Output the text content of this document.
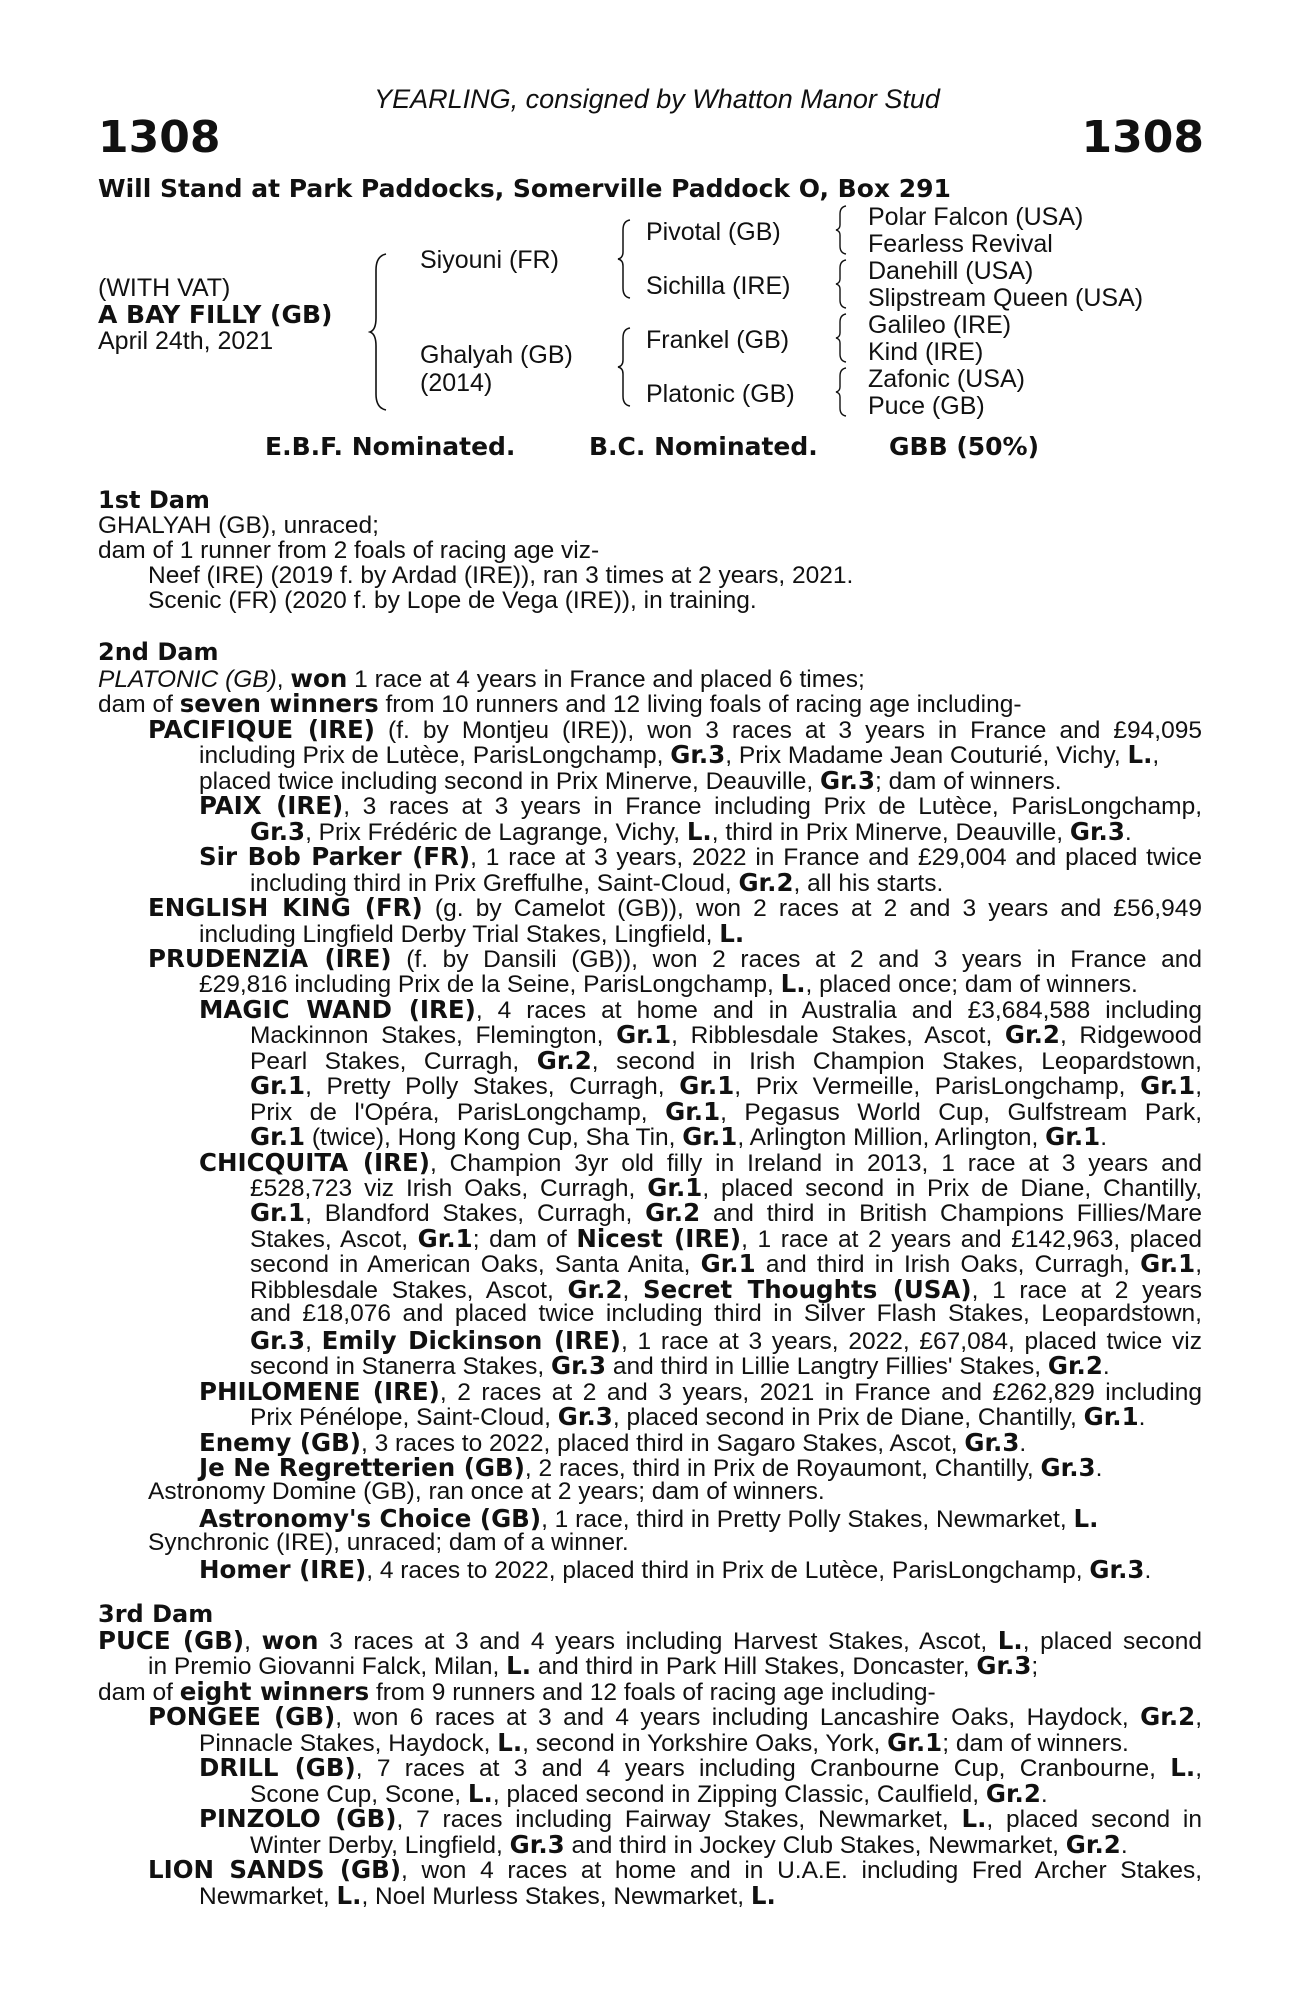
YEARLING, consigned by Whatton Manor Stud
1308	1308
Will Stand at Park Paddocks, Somerville Paddock O, Box 291
(WITH VAT)
A BAY FILLY (GB)
April 24th, 2021
Siyouni (FR)
Ghalyah (GB)
(2014)
Pivotal (GB)
Sichilla (IRE)
Frankel (GB)
Platonic (GB)
Polar Falcon (USA)
Fearless Revival
Danehill (USA)
Slipstream Queen (USA)
Galileo (IRE)
Kind (IRE)
Zafonic (USA)
Puce (GB)
E.B.F. Nominated.	B.C. Nominated.	GBB (50%)
1st Dam
GHALYAH (GB), unraced;
dam of 1 runner from 2 foals of racing age viz-
Neef (IRE) (2019 f. by Ardad (IRE)), ran 3 times at 2 years, 2021.
Scenic (FR) (2020 f. by Lope de Vega (IRE)), in training.
2nd Dam
PLATONIC (GB), won 1 race at 4 years in France and placed 6 times;
dam of seven winners from 10 runners and 12 living foals of racing age including-
PACIFIQUE (IRE) (f. by Montjeu (IRE)), won 3 races at 3 years in France and £94,095
including Prix de Lutèce, ParisLongchamp, Gr.3, Prix Madame Jean Couturié, Vichy, L.,
placed twice including second in Prix Minerve, Deauville, Gr.3; dam of winners.
PAIX (IRE), 3 races at 3 years in France including Prix de Lutèce, ParisLongchamp,
Gr.3, Prix Frédéric de Lagrange, Vichy, L., third in Prix Minerve, Deauville, Gr.3.
Sir Bob Parker (FR), 1 race at 3 years, 2022 in France and £29,004 and placed twice
including third in Prix Greffulhe, Saint-Cloud, Gr.2, all his starts.
ENGLISH KING (FR) (g. by Camelot (GB)), won 2 races at 2 and 3 years and £56,949
including Lingfield Derby Trial Stakes, Lingfield, L.
PRUDENZIA (IRE) (f. by Dansili (GB)), won 2 races at 2 and 3 years in France and
£29,816 including Prix de la Seine, ParisLongchamp, L., placed once; dam of winners.
MAGIC WAND (IRE), 4 races at home and in Australia and £3,684,588 including
Mackinnon Stakes, Flemington, Gr.1, Ribblesdale Stakes, Ascot, Gr.2, Ridgewood
Pearl Stakes, Curragh, Gr.2, second in Irish Champion Stakes, Leopardstown,
Gr.1, Pretty Polly Stakes, Curragh, Gr.1, Prix Vermeille, ParisLongchamp, Gr.1,
Prix de l'Opéra, ParisLongchamp, Gr.1, Pegasus World Cup, Gulfstream Park,
Gr.1 (twice), Hong Kong Cup, Sha Tin, Gr.1, Arlington Million, Arlington, Gr.1.
CHICQUITA (IRE), Champion 3yr old filly in Ireland in 2013, 1 race at 3 years and
£528,723 viz Irish Oaks, Curragh, Gr.1, placed second in Prix de Diane, Chantilly,
Gr.1, Blandford Stakes, Curragh, Gr.2 and third in British Champions Fillies/Mare
Stakes, Ascot, Gr.1; dam of Nicest (IRE), 1 race at 2 years and £142,963, placed
second in American Oaks, Santa Anita, Gr.1 and third in Irish Oaks, Curragh, Gr.1,
Ribblesdale Stakes, Ascot, Gr.2, Secret Thoughts (USA), 1 race at 2 years
and £18,076 and placed twice including third in Silver Flash Stakes, Leopardstown,
Gr.3, Emily Dickinson (IRE), 1 race at 3 years, 2022, £67,084, placed twice viz
second in Stanerra Stakes, Gr.3 and third in Lillie Langtry Fillies' Stakes, Gr.2.
PHILOMENE (IRE), 2 races at 2 and 3 years, 2021 in France and £262,829 including
Prix Pénélope, Saint-Cloud, Gr.3, placed second in Prix de Diane, Chantilly, Gr.1.
Enemy (GB), 3 races to 2022, placed third in Sagaro Stakes, Ascot, Gr.3.
Je Ne Regretterien (GB), 2 races, third in Prix de Royaumont, Chantilly, Gr.3.
Astronomy Domine (GB), ran once at 2 years; dam of winners.
Astronomy's Choice (GB), 1 race, third in Pretty Polly Stakes, Newmarket, L.
Synchronic (IRE), unraced; dam of a winner.
Homer (IRE), 4 races to 2022, placed third in Prix de Lutèce, ParisLongchamp, Gr.3.
3rd Dam
PUCE (GB), won 3 races at 3 and 4 years including Harvest Stakes, Ascot, L., placed second
in Premio Giovanni Falck, Milan, L. and third in Park Hill Stakes, Doncaster, Gr.3;
dam of eight winners from 9 runners and 12 foals of racing age including-
PONGEE (GB), won 6 races at 3 and 4 years including Lancashire Oaks, Haydock, Gr.2,
Pinnacle Stakes, Haydock, L., second in Yorkshire Oaks, York, Gr.1; dam of winners.
DRILL (GB), 7 races at 3 and 4 years including Cranbourne Cup, Cranbourne, L.,
Scone Cup, Scone, L., placed second in Zipping Classic, Caulfield, Gr.2.
PINZOLO (GB), 7 races including Fairway Stakes, Newmarket, L., placed second in
Winter Derby, Lingfield, Gr.3 and third in Jockey Club Stakes, Newmarket, Gr.2.
LION SANDS (GB), won 4 races at home and in U.A.E. including Fred Archer Stakes,
Newmarket, L., Noel Murless Stakes, Newmarket, L.
